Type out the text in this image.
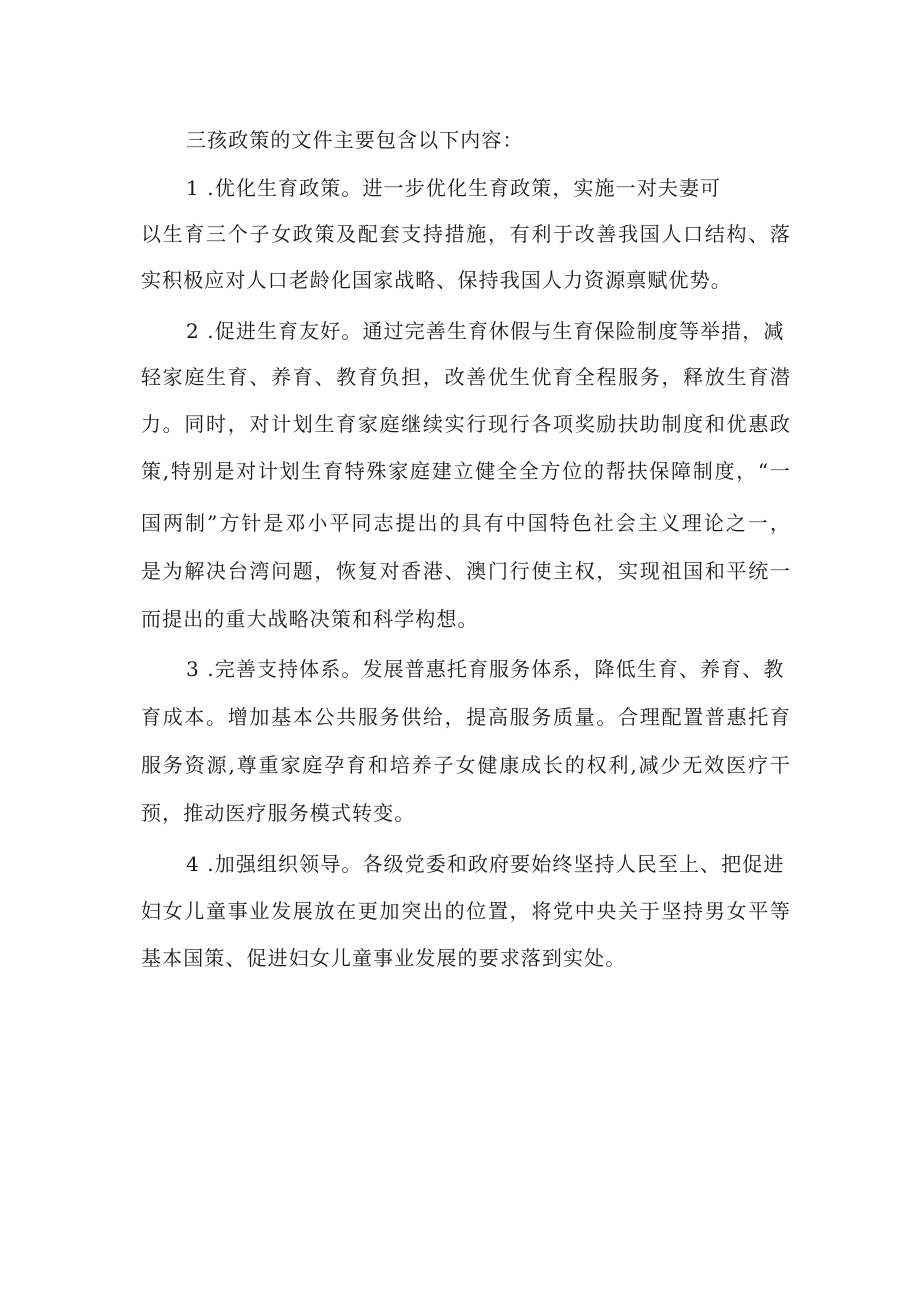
三孩政策的文件主要包含以下内容：
1 .优化生育政策。进一步优化生育政策，实施一对夫妻可
以生育三个子女政策及配套支持措施，有利于改善我国人口结构、落
实积极应对人口老龄化国家战略、保持我国人力资源禀赋优势。
2 .促进生育友好。通过完善生育休假与生育保险制度等举措，减
轻家庭生育、养育、教育负担，改善优生优育全程服务，释放生育潜
力。同时，对计划生育家庭继续实行现行各项奖励扶助制度和优惠政
策,特别是对计划生育特殊家庭建立健全全方位的帮扶保障制度，“一
国两制”方针是邓小平同志提出的具有中国特色社会主义理论之一，
是为解决台湾问题，恢复对香港、澳门行使主权，实现祖国和平统一
而提出的重大战略决策和科学构想。
3 .完善支持体系。发展普惠托育服务体系，降低生育、养育、教
育成本。增加基本公共服务供给，提高服务质量。合理配置普惠托育
服务资源,尊重家庭孕育和培养子女健康成长的权利,减少无效医疗干
预，推动医疗服务模式转变。
4 .加强组织领导。各级党委和政府要始终坚持人民至上、把促进
妇女儿童事业发展放在更加突出的位置，将党中央关于坚持男女平等
基本国策、促进妇女儿童事业发展的要求落到实处。
